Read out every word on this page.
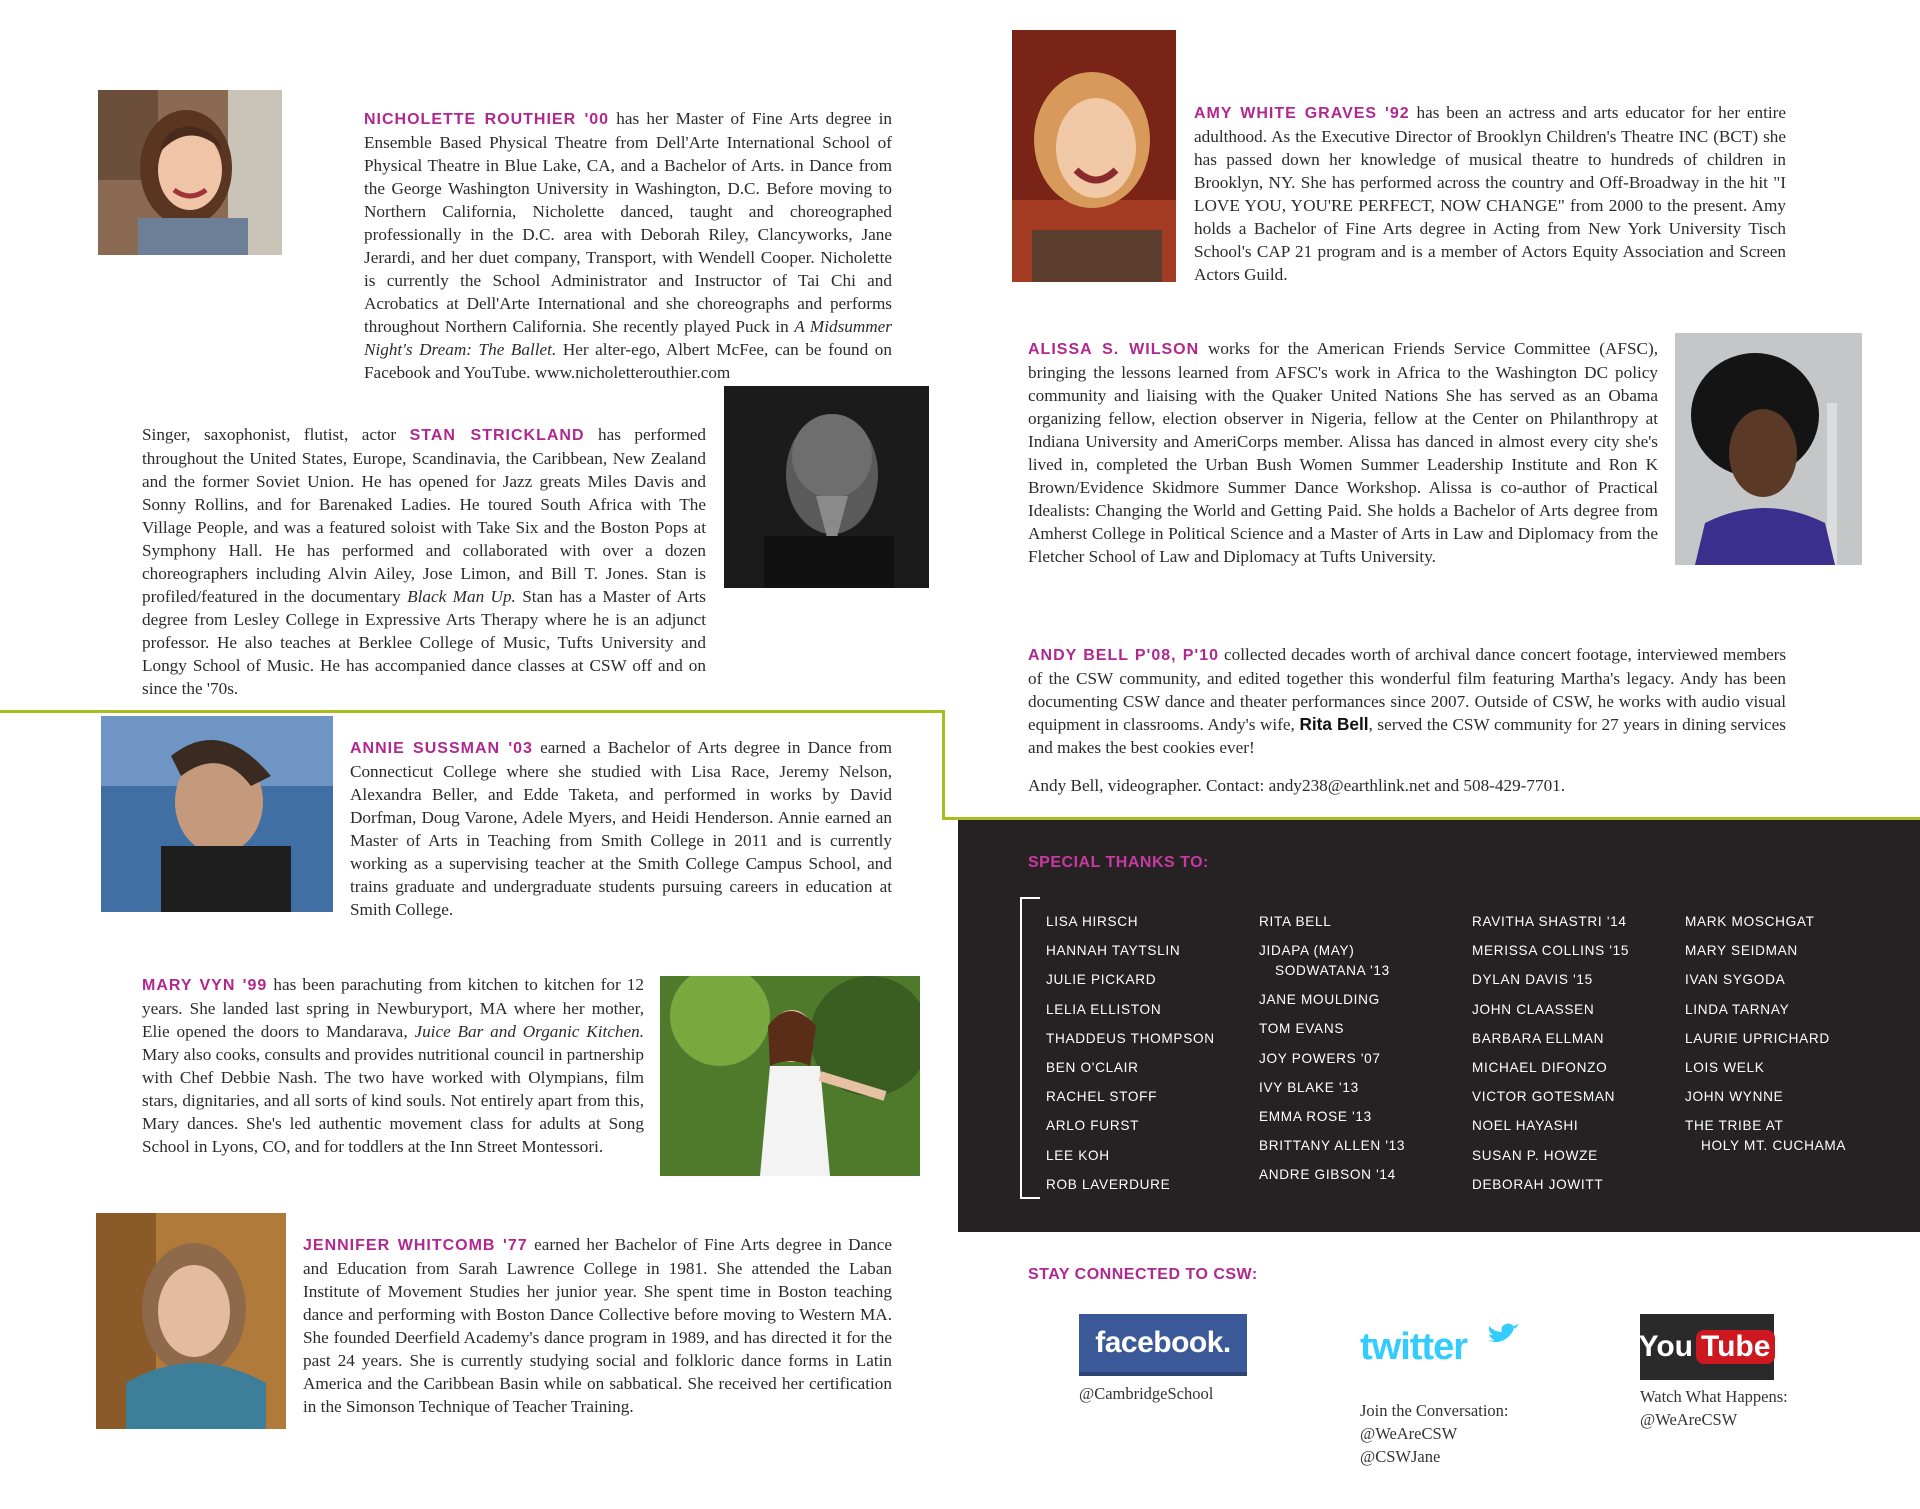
NICHOLETTE ROUTHIER '00 has her Master of Fine Arts degree in Ensemble Based Physical Theatre from Dell'Arte International School of Physical Theatre in Blue Lake, CA, and a Bachelor of Arts. in Dance from the George Washington University in Washington, D.C. Before moving to Northern California, Nicholette danced, taught and choreographed professionally in the D.C. area with Deborah Riley, Clancyworks, Jane Jerardi, and her duet company, Transport, with Wendell Cooper. Nicholette is currently the School Administrator and Instructor of Tai Chi and Acrobatics at Dell'Arte International and she choreographs and performs throughout Northern California. She recently played Puck in A Midsummer Night's Dream: The Ballet. Her alter-ego, Albert McFee, can be found on Facebook and YouTube. www.nicholetterouthier.com
Singer, saxophonist, flutist, actor STAN STRICKLAND has performed throughout the United States, Europe, Scandinavia, the Caribbean, New Zealand and the former Soviet Union. He has opened for Jazz greats Miles Davis and Sonny Rollins, and for Barenaked Ladies. He toured South Africa with The Village People, and was a featured soloist with Take Six and the Boston Pops at Symphony Hall. He has performed and collaborated with over a dozen choreographers including Alvin Ailey, Jose Limon, and Bill T. Jones. Stan is profiled/featured in the documentary Black Man Up. Stan has a Master of Arts degree from Lesley College in Expressive Arts Therapy where he is an adjunct professor. He also teaches at Berklee College of Music, Tufts University and Longy School of Music. He has accompanied dance classes at CSW off and on since the '70s.
ANNIE SUSSMAN '03 earned a Bachelor of Arts degree in Dance from Connecticut College where she studied with Lisa Race, Jeremy Nelson, Alexandra Beller, and Edde Taketa, and performed in works by David Dorfman, Doug Varone, Adele Myers, and Heidi Henderson. Annie earned an Master of Arts in Teaching from Smith College in 2011 and is currently working as a supervising teacher at the Smith College Campus School, and trains graduate and undergraduate students pursuing careers in education at Smith College.
MARY VYN '99 has been parachuting from kitchen to kitchen for 12 years. She landed last spring in Newburyport, MA where her mother, Elie opened the doors to Mandarava, Juice Bar and Organic Kitchen. Mary also cooks, consults and provides nutritional council in partnership with Chef Debbie Nash. The two have worked with Olympians, film stars, dignitaries, and all sorts of kind souls. Not entirely apart from this, Mary dances. She's led authentic movement class for adults at Song School in Lyons, CO, and for toddlers at the Inn Street Montessori.
JENNIFER WHITCOMB '77 earned her Bachelor of Fine Arts degree in Dance and Education from Sarah Lawrence College in 1981. She attended the Laban Institute of Movement Studies her junior year. She spent time in Boston teaching dance and performing with Boston Dance Collective before moving to Western MA. She founded Deerfield Academy's dance program in 1989, and has directed it for the past 24 years. She is currently studying social and folkloric dance forms in Latin America and the Caribbean Basin while on sabbatical. She received her certification in the Simonson Technique of Teacher Training.
AMY WHITE GRAVES '92 has been an actress and arts educator for her entire adulthood. As the Executive Director of Brooklyn Children's Theatre INC (BCT) she has passed down her knowledge of musical theatre to hundreds of children in Brooklyn, NY. She has performed across the country and Off-Broadway in the hit "I LOVE YOU, YOU'RE PERFECT, NOW CHANGE" from 2000 to the present. Amy holds a Bachelor of Fine Arts degree in Acting from New York University Tisch School's CAP 21 program and is a member of Actors Equity Association and Screen Actors Guild.
ALISSA S. WILSON works for the American Friends Service Committee (AFSC), bringing the lessons learned from AFSC's work in Africa to the Washington DC policy community and liaising with the Quaker United Nations She has served as an Obama organizing fellow, election observer in Nigeria, fellow at the Center on Philanthropy at Indiana University and AmeriCorps member. Alissa has danced in almost every city she's lived in, completed the Urban Bush Women Summer Leadership Institute and Ron K Brown/Evidence Skidmore Summer Dance Workshop. Alissa is co-author of Practical Idealists: Changing the World and Getting Paid. She holds a Bachelor of Arts degree from Amherst College in Political Science and a Master of Arts in Law and Diplomacy from the Fletcher School of Law and Diplomacy at Tufts University.
ANDY BELL P'08, P'10 collected decades worth of archival dance concert footage, interviewed members of the CSW community, and edited together this wonderful film featuring Martha's legacy. Andy has been documenting CSW dance and theater performances since 2007. Outside of CSW, he works with audio visual equipment in classrooms. Andy's wife, Rita Bell, served the CSW community for 27 years in dining services and makes the best cookies ever!
Andy Bell, videographer. Contact: andy238@earthlink.net and 508-429-7701.
SPECIAL THANKS TO:
LISA HIRSCH
HANNAH TAYTSLIN
JULIE PICKARD
LELIA ELLISTON
THADDEUS THOMPSON
BEN O'CLAIR
RACHEL STOFF
ARLO FURST
LEE KOH
ROB LAVERDURE
RITA BELL
JIDAPA (MAY)
SODWATANA '13
JANE MOULDING
TOM EVANS
JOY POWERS '07
IVY BLAKE '13
EMMA ROSE '13
BRITTANY ALLEN '13
ANDRE GIBSON '14
RAVITHA SHASTRI '14
MERISSA COLLINS '15
DYLAN DAVIS '15
JOHN CLAASSEN
BARBARA ELLMAN
MICHAEL DIFONZO
VICTOR GOTESMAN
NOEL HAYASHI
SUSAN P. HOWZE
DEBORAH JOWITT
MARK MOSCHGAT
MARY SEIDMAN
IVAN SYGODA
LINDA TARNAY
LAURIE UPRICHARD
LOIS WELK
JOHN WYNNE
THE TRIBE AT
HOLY MT. CUCHAMA
STAY CONNECTED TO CSW:
facebook.
@CambridgeSchool
twitter
Join the Conversation:
@WeAreCSW
@CSWJane
You Tube
Watch What Happens:
@WeAreCSW
